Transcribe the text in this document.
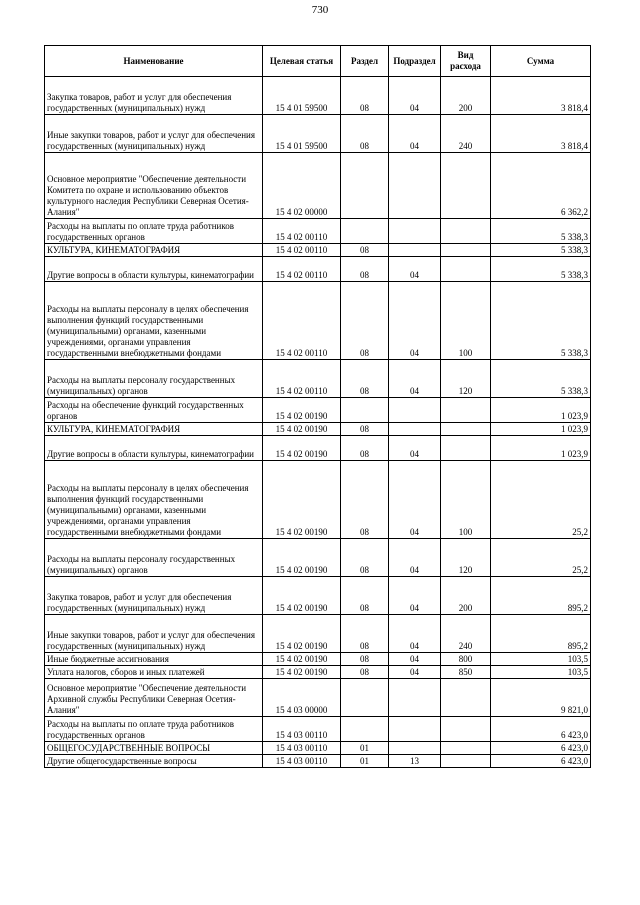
730
Наименование	Целевая статья	Раздел	Подраздел	Вид расхода	Сумма
Закупка товаров, работ и услуг для обеспечения государственных (муниципальных) нужд	15 4 01 59500	08	04	200	3 818,4
Иные закупки товаров, работ и услуг для обеспечения государственных (муниципальных) нужд	15 4 01 59500	08	04	240	3 818,4
Основное мероприятие "Обеспечение деятельности Комитета по охране и использованию объектов культурного наследия Республики Северная Осетия-Алания"	15 4 02 00000				6 362,2
Расходы на выплаты по оплате труда работников государственных органов	15 4 02 00110				5 338,3
КУЛЬТУРА, КИНЕМАТОГРАФИЯ	15 4 02 00110	08			5 338,3
Другие вопросы в области культуры, кинематографии	15 4 02 00110	08	04		5 338,3
Расходы на выплаты персоналу в целях обеспечения выполнения функций государственными (муниципальными) органами, казенными учреждениями, органами управления государственными внебюджетными фондами	15 4 02 00110	08	04	100	5 338,3
Расходы на выплаты персоналу государственных (муниципальных) органов	15 4 02 00110	08	04	120	5 338,3
Расходы на обеспечение функций государственных органов	15 4 02 00190				1 023,9
КУЛЬТУРА, КИНЕМАТОГРАФИЯ	15 4 02 00190	08			1 023,9
Другие вопросы в области культуры, кинематографии	15 4 02 00190	08	04		1 023,9
Расходы на выплаты персоналу в целях обеспечения выполнения функций государственными (муниципальными) органами, казенными учреждениями, органами управления государственными внебюджетными фондами	15 4 02 00190	08	04	100	25,2
Расходы на выплаты персоналу государственных (муниципальных) органов	15 4 02 00190	08	04	120	25,2
Закупка товаров, работ и услуг для обеспечения государственных (муниципальных) нужд	15 4 02 00190	08	04	200	895,2
Иные закупки товаров, работ и услуг для обеспечения государственных (муниципальных) нужд	15 4 02 00190	08	04	240	895,2
Иные бюджетные ассигнования	15 4 02 00190	08	04	800	103,5
Уплата налогов, сборов и иных платежей	15 4 02 00190	08	04	850	103,5
Основное мероприятие "Обеспечение деятельности Архивной службы Республики Северная Осетия-Алания"	15 4 03 00000				9 821,0
Расходы на выплаты по оплате труда работников государственных органов	15 4 03 00110				6 423,0
ОБЩЕГОСУДАРСТВЕННЫЕ ВОПРОСЫ	15 4 03 00110	01			6 423,0
Другие общегосударственные вопросы	15 4 03 00110	01	13		6 423,0
